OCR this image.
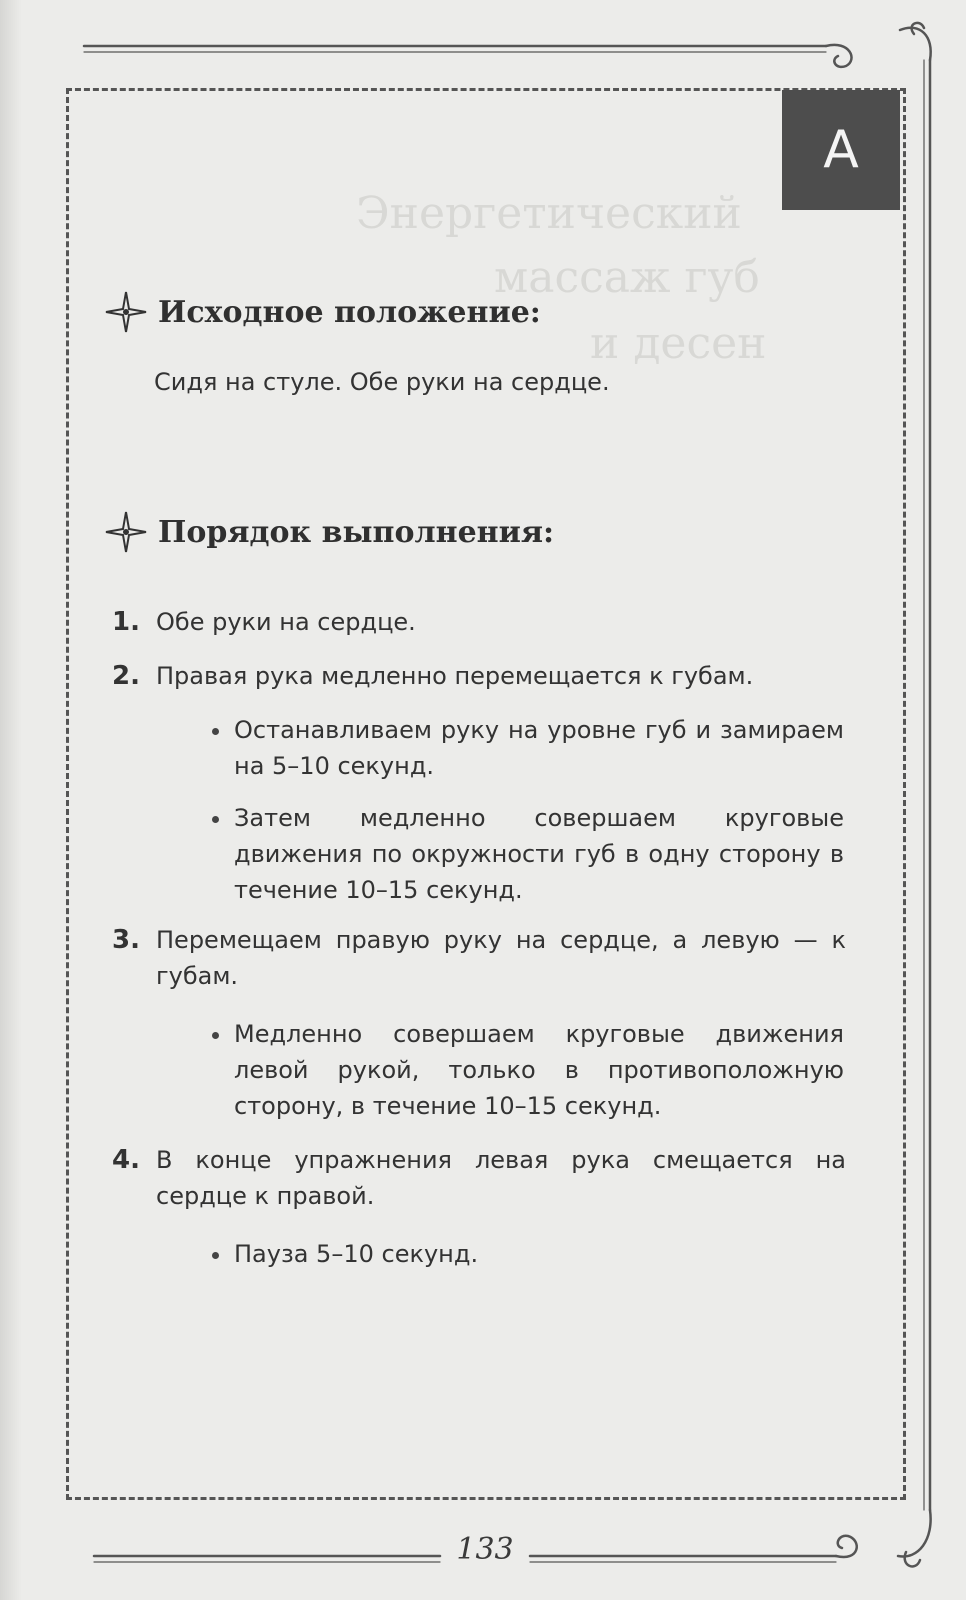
А
Энергетический
массаж губ
и десен
Исходное положение:
Сидя на стуле. Обе руки на сердце.
Порядок выполнения:
1. Обе руки на сердце.
2. Правая рука медленно перемещается к губам.
Останавливаем руку на уровне губ и замираем на 5–10 секунд.
Затем медленно совершаем круговые движения по окружности губ в одну сторону в течение 10–15 секунд.
3. Перемещаем правую руку на сердце, а левую — к губам.
Медленно совершаем круговые движения левой рукой, только в противоположную сторону, в течение 10–15 секунд.
4. В конце упражнения левая рука смещается на сердце к правой.
Пауза 5–10 секунд.
133
